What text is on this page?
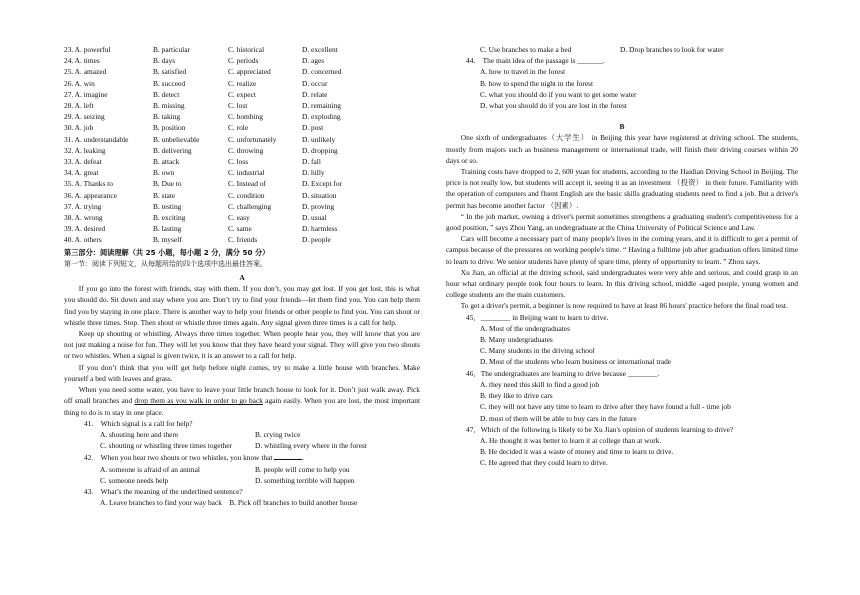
23. A. powerful	B. particular	C. historical	D. excellent
24. A. times	B. days	C. periods	D. ages
25. A. amazed	B. satisfied	C. appreciated	D. concerned
26. A. win	B. succeed	C. realize	D. occur
27. A. imagine	B. detect	C. expect	D. relate
28. A. left	B. missing	C. lost	D. remaining
29. A. seizing	B. taking	C. bombing	D. exploding
30. A. job	B. position	C. role	D. post
31. A. understandable	B. unbelievable	C. unfortunately	D. unlikely
32. A. leaking	B. delivering	C. throwing	D. dropping
33. A. defeat	B. attack	C. loss	D. fall
34. A. great	B. own	C. industrial	D. hilly
35. A. Thanks to	B. Due to	C. Instead of	D. Except for
36. A. appearance	B. state	C. condition	D. situation
37. A. trying	B. testing	C. challenging	D. proving
38. A. wrong	B. exciting	C. easy	D. usual
39. A. desired	B. lasting	C. same	D. harmless
40. A. others	B. myself	C. friends	D. people
第三部分：阅读理解（共 25 小题，每小题 2 分，满分 50 分）
第一节：阅读下列短文，从每题所给的四个选项中选出最佳答案。
A

If you go into the forest with friends, stay with them. If you don’t, you may get lost. If you get lost, this is what you should do. Sit down and stay where you are. Don’t try to find your friends—let them find you. You can help them find you by staying in one place. There is another way to help your friends or other people to find you. You can shout or whistle three times. Stop. Then shout or whistle three times again. Any signal given three times is a call for help.

Keep up shouting or whistling. Always three times together. When people hear you, they will know that you are not just making a noise for fun. They will let you know that they have heard your signal. They will give you two shouts or two whistles. When a signal is given twice, it is an answer to a call for help.

If you don’t think that you will get help before night comes, try to make a little house with branches. Make yourself a bed with leaves and grass.

When you need some water, you have to leave your little branch house to look for it. Don’t just walk away. Pick off small branches and drop them as you walk in order to go back again easily. When you are lost, the most important thing to do is to stay in one place.

41.　Which signal is a call for help?
A. shouting here and there	B. crying twice
C. shouting or whistling three times together	D. whistling every where in the forest
42.　When you hear two shouts or two whistles, you know that	.
A. someone is afraid of an animal	B. people will come to help you
C. someone needs help	D. something terrible will happen
43.　What’s the meaning of the underlined sentence?
A. Leave branches to find your way back　B. Pick off branches to build another house
C. Use branches to make a bed	D. Drop branches to look for water
44.　The main idea of the passage is _______.
A. how to travel in the forest
B. how to spend the night in the forest
C. what you should do if you want to get some water
D. what you should do if you are lost in the forest
B

One sixth of undergraduates（大学生） in Beijing this year have registered at driving school. The students, mostly from majors such as business management or international trade, will finish their driving courses within 20 days or so.

Training costs have dropped to 2, 600 yuan for students, according to the Haidian Driving School in Beijing. The price is not really low, but students will accept it, seeing it as an investment （投资） in their future. Familiarity with the operation of computers and fluent English are the basic skills graduating students need to find a job. But a driver's permit has become another factor （因素）.

“ In the job market, owning a driver's permit sometimes strengthens a graduating student's competitiveness for a good position, ” says Zhou Yang, an undergraduate at the China University of Political Science and Law.

Cars will become a necessary part of many people's lives in the coming years, and it is difficult to get a permit of campus because of the pressures on working people's time. “ Having a fulltime job after graduation offers limited time to learn to drive. We senior students have plenty of spare time, plenty of opportunity to learn. ” Zhou says.

Xu Jian, an official at the driving school, said undergraduates were very able and serious, and could grasp in an hour what ordinary people took four hours to learn. In this driving school, middle -aged people, young women and college students are the main customers.

To get a driver's permit, a beginner is now required to have at least 86 hours' practice before the final road test.

45．________ in Beijing want to learn to drive.
A. Most of the undergraduates
B. Many undergraduates
C. Many students in the driving school
D. Most of the students who learn business or international trade
46．The undergraduates are learning to drive because ________.
A. they need this skill to find a good job
B. they like to drive cars
C. they will not have any time to learn to drive after they have found a full - time job
D. most of them will be able to buy cars in the future
47．Which of the following is likely to be Xu Jian's opinion of students learning to drive?
A. He thought it was better to learn it at college than at work.
B. He decided it was a waste of money and time to learn to drive.
C. He agreed that they could learn to drive.
